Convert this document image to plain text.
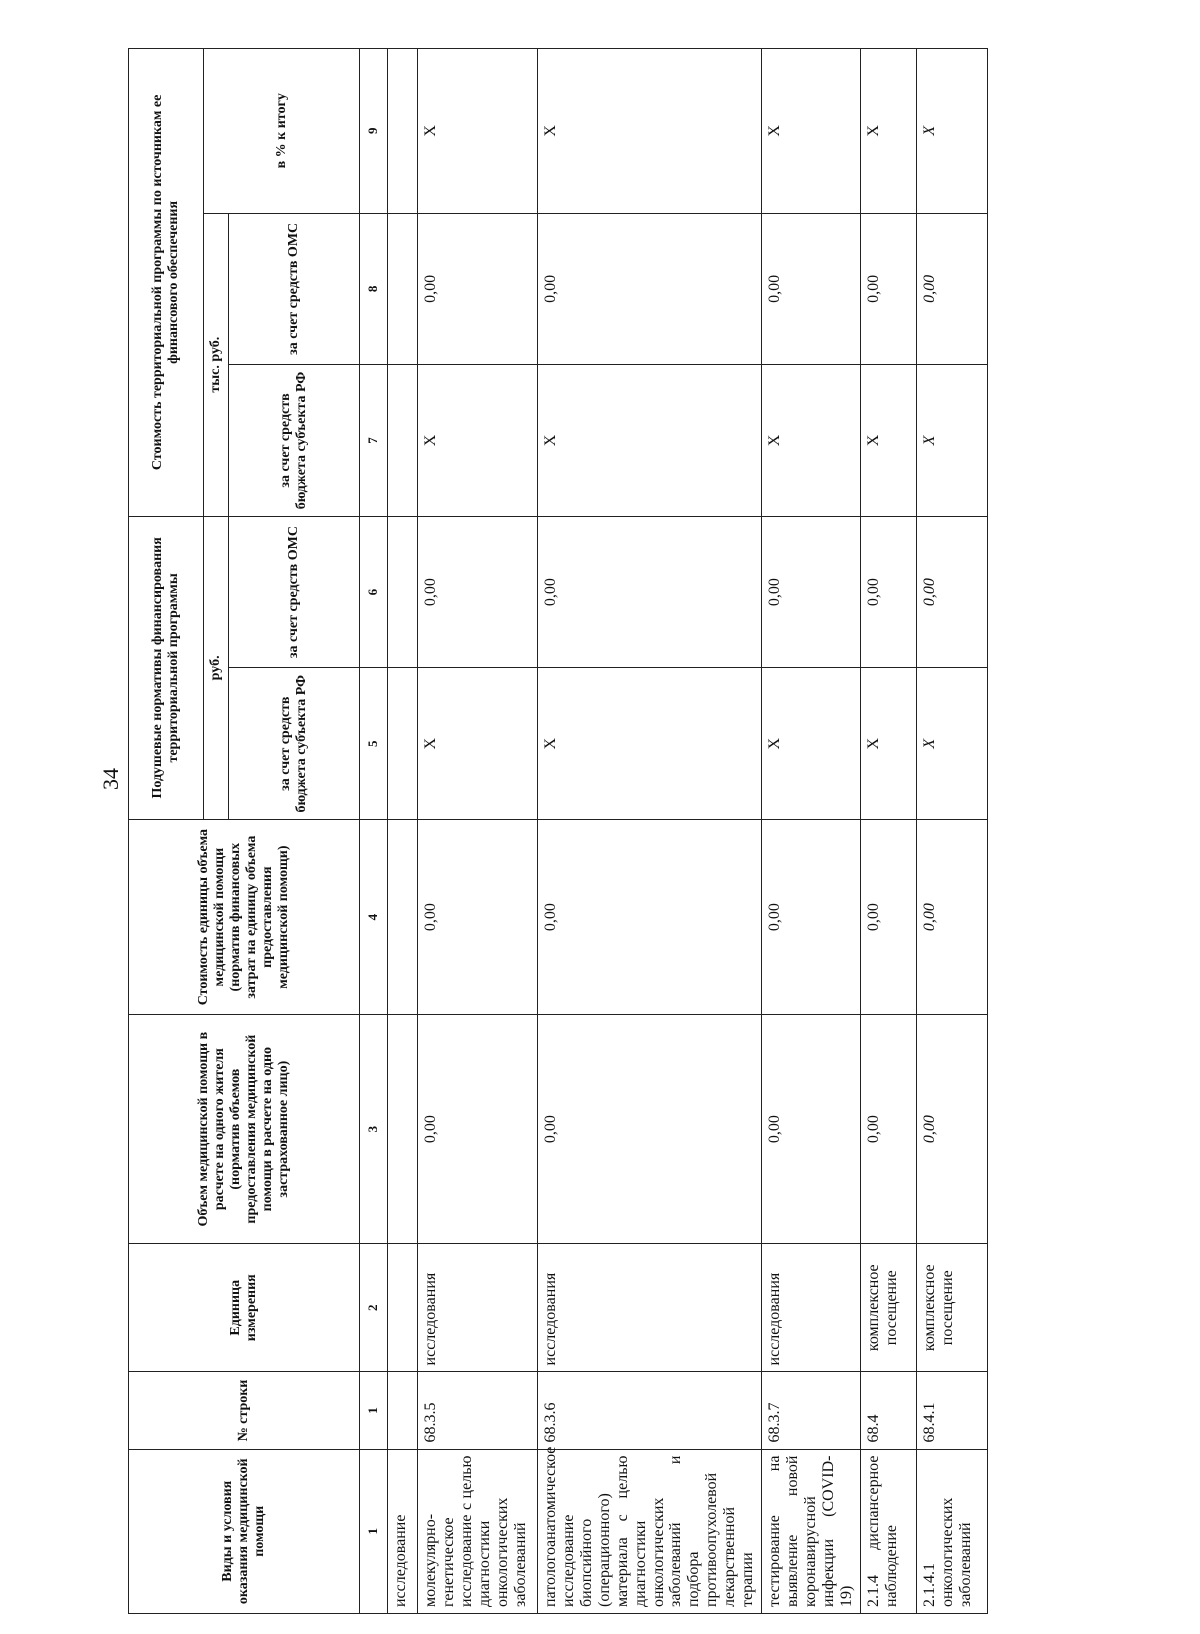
34
Виды и условия оказания медицинской помощи	№ строки	Единица измерения	Объем медицинской помощи в расчете на одного жителя (норматив объемов предоставления медицинской помощи в расчете на одно застрахованное лицо)	Стоимость единицы объема медицинской помощи (норматив финансовых затрат на единицу объема предоставления медицинской помощи)	Подушевые нормативы финансирования территориальной программы		Стоимость территориальной программы по источникам ее финансового обеспечения		
					руб.		тыс. руб.		в % к итогу
					за счет средств бюджета субъекта РФ	за счет средств ОМС	за счет средств бюджета субъекта РФ	за счет средств ОМС	
1	1	2	3	4	5	6	7	8	9
исследование									
молекулярно-генетическое исследование с целью диагностики онкологических заболеваний	68.3.5	исследования	0,00	0,00	X	0,00	X	0,00	X
патологоанатомическое исследование биопсийного (операционного) материала с целью диагностики онкологических заболеваний и подбора противоопухолевой лекарственной терапии	68.3.6	исследования	0,00	0,00	X	0,00	X	0,00	X
тестирование на выявление новой коронавирусной инфекции (COVID-19)	68.3.7	исследования	0,00	0,00	X	0,00	X	0,00	X
2.1.4 диспансерное наблюдение	68.4	комплексное посещение	0,00	0,00	X	0,00	X	0,00	X
2.1.4.1 онкологических заболеваний	68.4.1	комплексное посещение	0,00	0,00	X	0,00	X	0,00	X
